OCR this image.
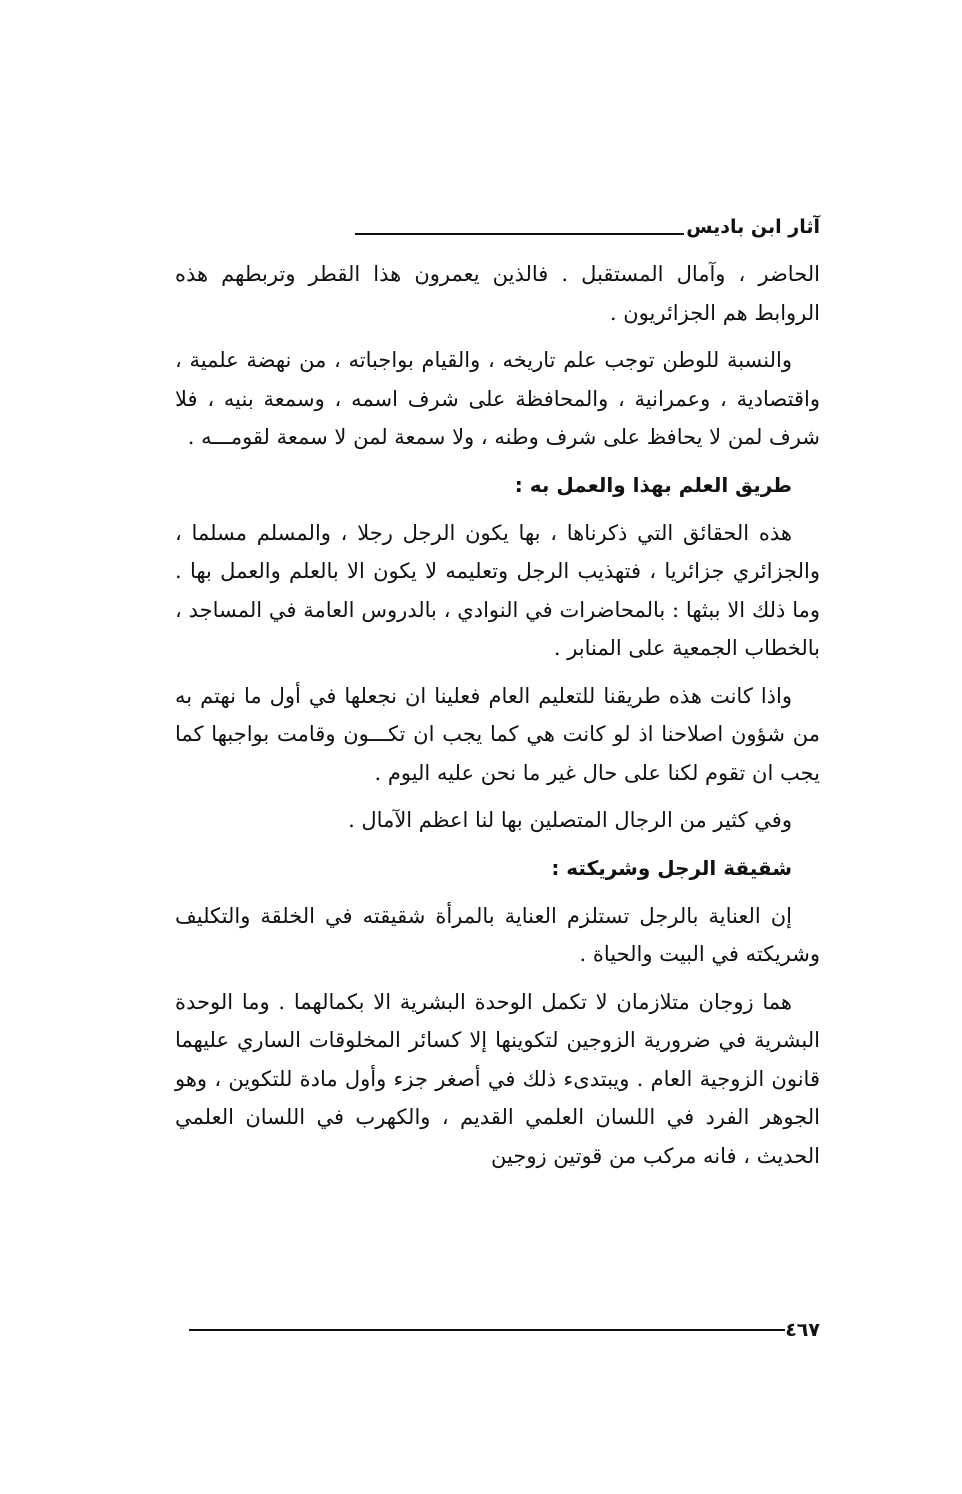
آثار ابن باديس

الحاضر ، وآمال المستقبل . فالذين يعمرون هذا القطر وتربطهم هذه الروابط هم الجزائريون .

والنسبة للوطن توجب علم تاريخه ، والقيام بواجباته ، من نهضة علمية ، واقتصادية ، وعمرانية ، والمحافظة على شرف اسمه ، وسمعة بنيه ، فلا شرف لمن لا يحافظ على شرف وطنه ، ولا سمعة لمن لا سمعة لقومـــه .

طريق العلم بهذا والعمل به :

هذه الحقائق التي ذكرناها ، بها يكون الرجل رجلا ، والمسلم مسلما ، والجزائري جزائريا ، فتهذيب الرجل وتعليمه لا يكون الا بالعلم والعمل بها . وما ذلك الا ببثها : بالمحاضرات في النوادي ، بالدروس العامة في المساجد ، بالخطاب الجمعية على المنابر .

واذا كانت هذه طريقنا للتعليم العام فعلينا ان نجعلها في أول ما نهتم به من شؤون اصلاحنا اذ لو كانت هي كما يجب ان تكـــون وقامت بواجبها كما يجب ان تقوم لكنا على حال غير ما نحن عليه اليوم .

وفي كثير من الرجال المتصلين بها لنا اعظم الآمال .

شقيقة الرجل وشريكته :

إن العناية بالرجل تستلزم العناية بالمرأة شقيقته في الخلقة والتكليف وشريكته في البيت والحياة .

هما زوجان متلازمان لا تكمل الوحدة البشرية الا بكمالهما . وما الوحدة البشرية في ضرورية الزوجين لتكوينها إلا كسائر المخلوقات الساري عليهما قانون الزوجية العام . ويبتدىء ذلك في أصغر جزء وأول مادة للتكوين ، وهو الجوهر الفرد في اللسان العلمي القديم ، والكهرب في اللسان العلمي الحديث ، فانه مركب من قوتين زوجين

٤٦٧
